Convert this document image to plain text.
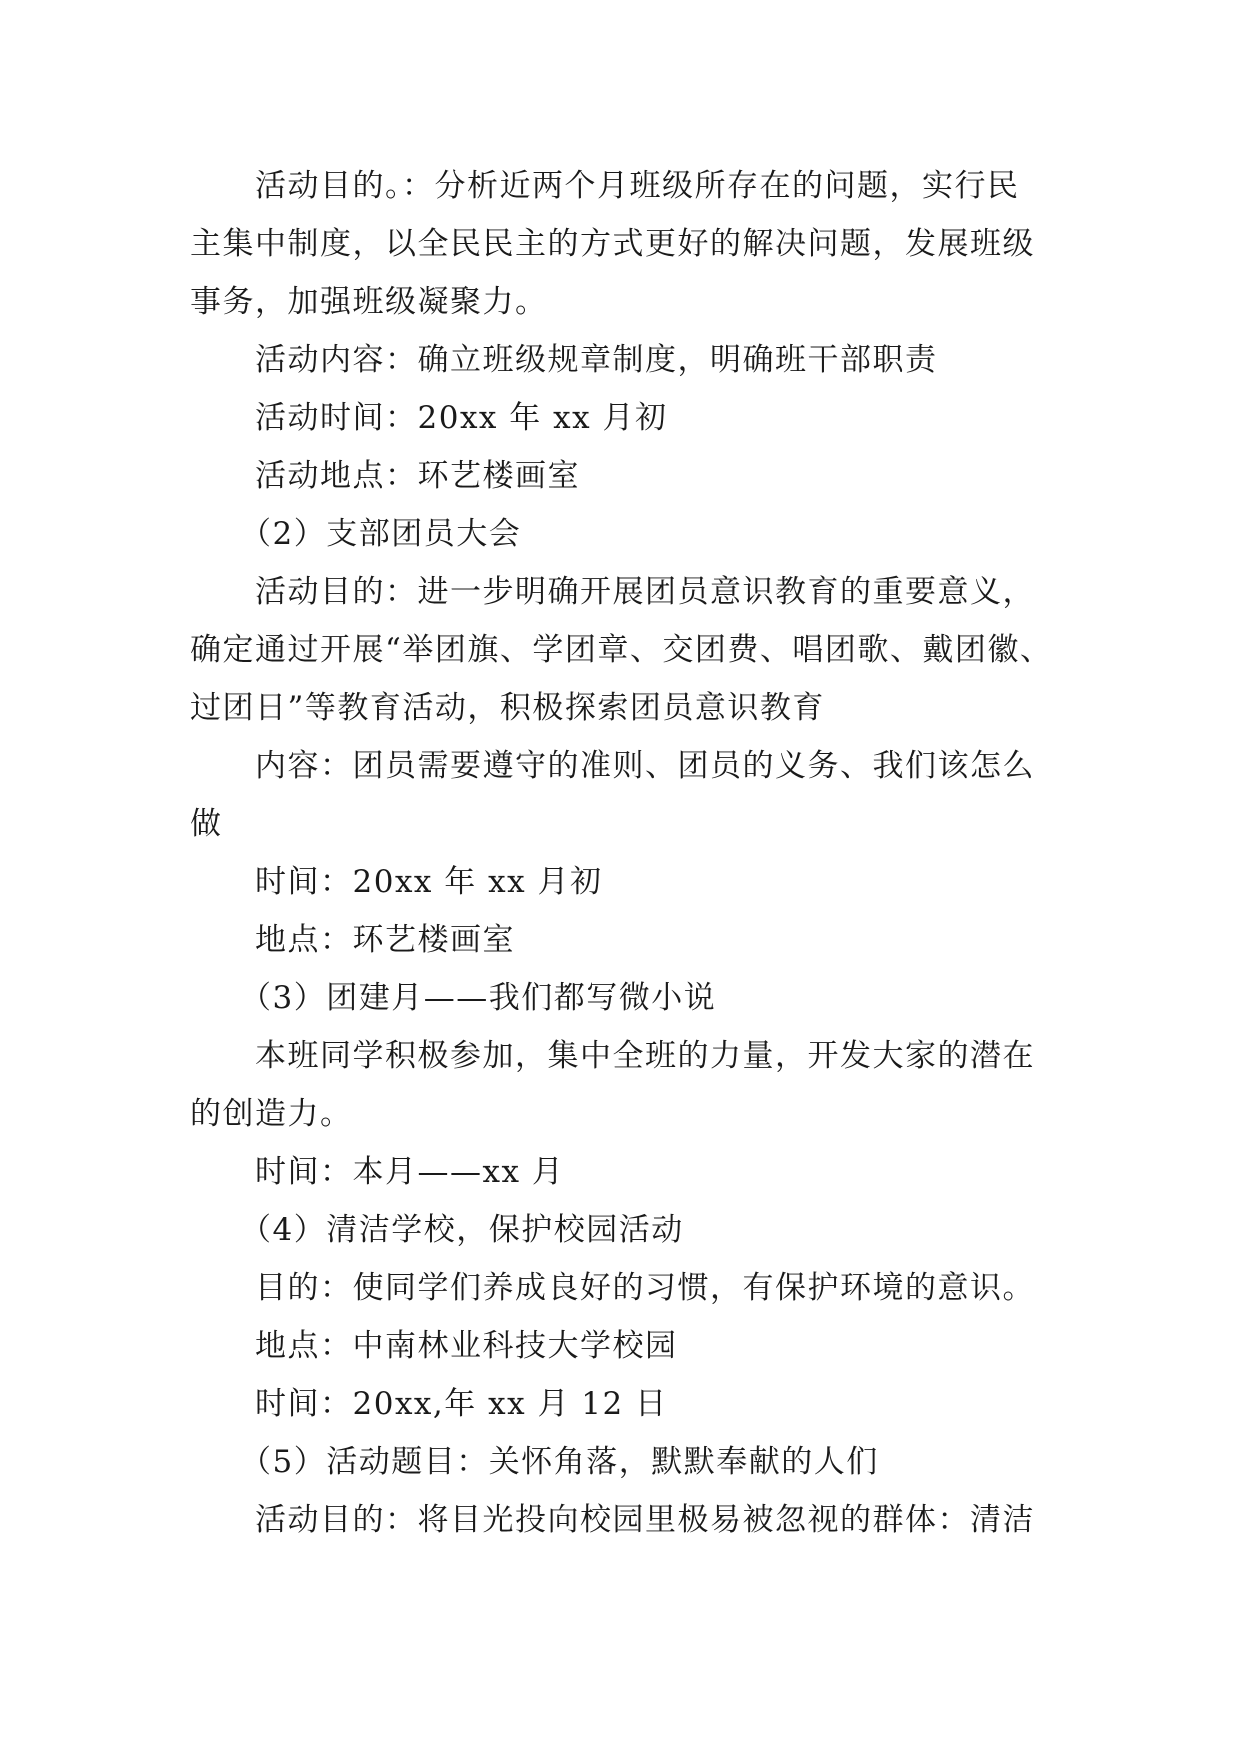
活动目的。：分析近两个月班级所存在的问题，实行民
主集中制度，以全民民主的方式更好的解决问题，发展班级
事务，加强班级凝聚力。
活动内容：确立班级规章制度，明确班干部职责
活动时间：20xx 年 xx 月初
活动地点：环艺楼画室
（2）支部团员大会
活动目的：进一步明确开展团员意识教育的重要意义，
确定通过开展“举团旗、学团章、交团费、唱团歌、戴团徽、
过团日”等教育活动，积极探索团员意识教育
内容：团员需要遵守的准则、团员的义务、我们该怎么
做
时间：20xx 年 xx 月初
地点：环艺楼画室
（3）团建月——我们都写微小说
本班同学积极参加，集中全班的力量，开发大家的潜在
的创造力。
时间：本月——xx 月
（4）清洁学校，保护校园活动
目的：使同学们养成良好的习惯，有保护环境的意识。
地点：中南林业科技大学校园
时间：20xx,年 xx 月 12 日
（5）活动题目：关怀角落，默默奉献的人们
活动目的：将目光投向校园里极易被忽视的群体：清洁
